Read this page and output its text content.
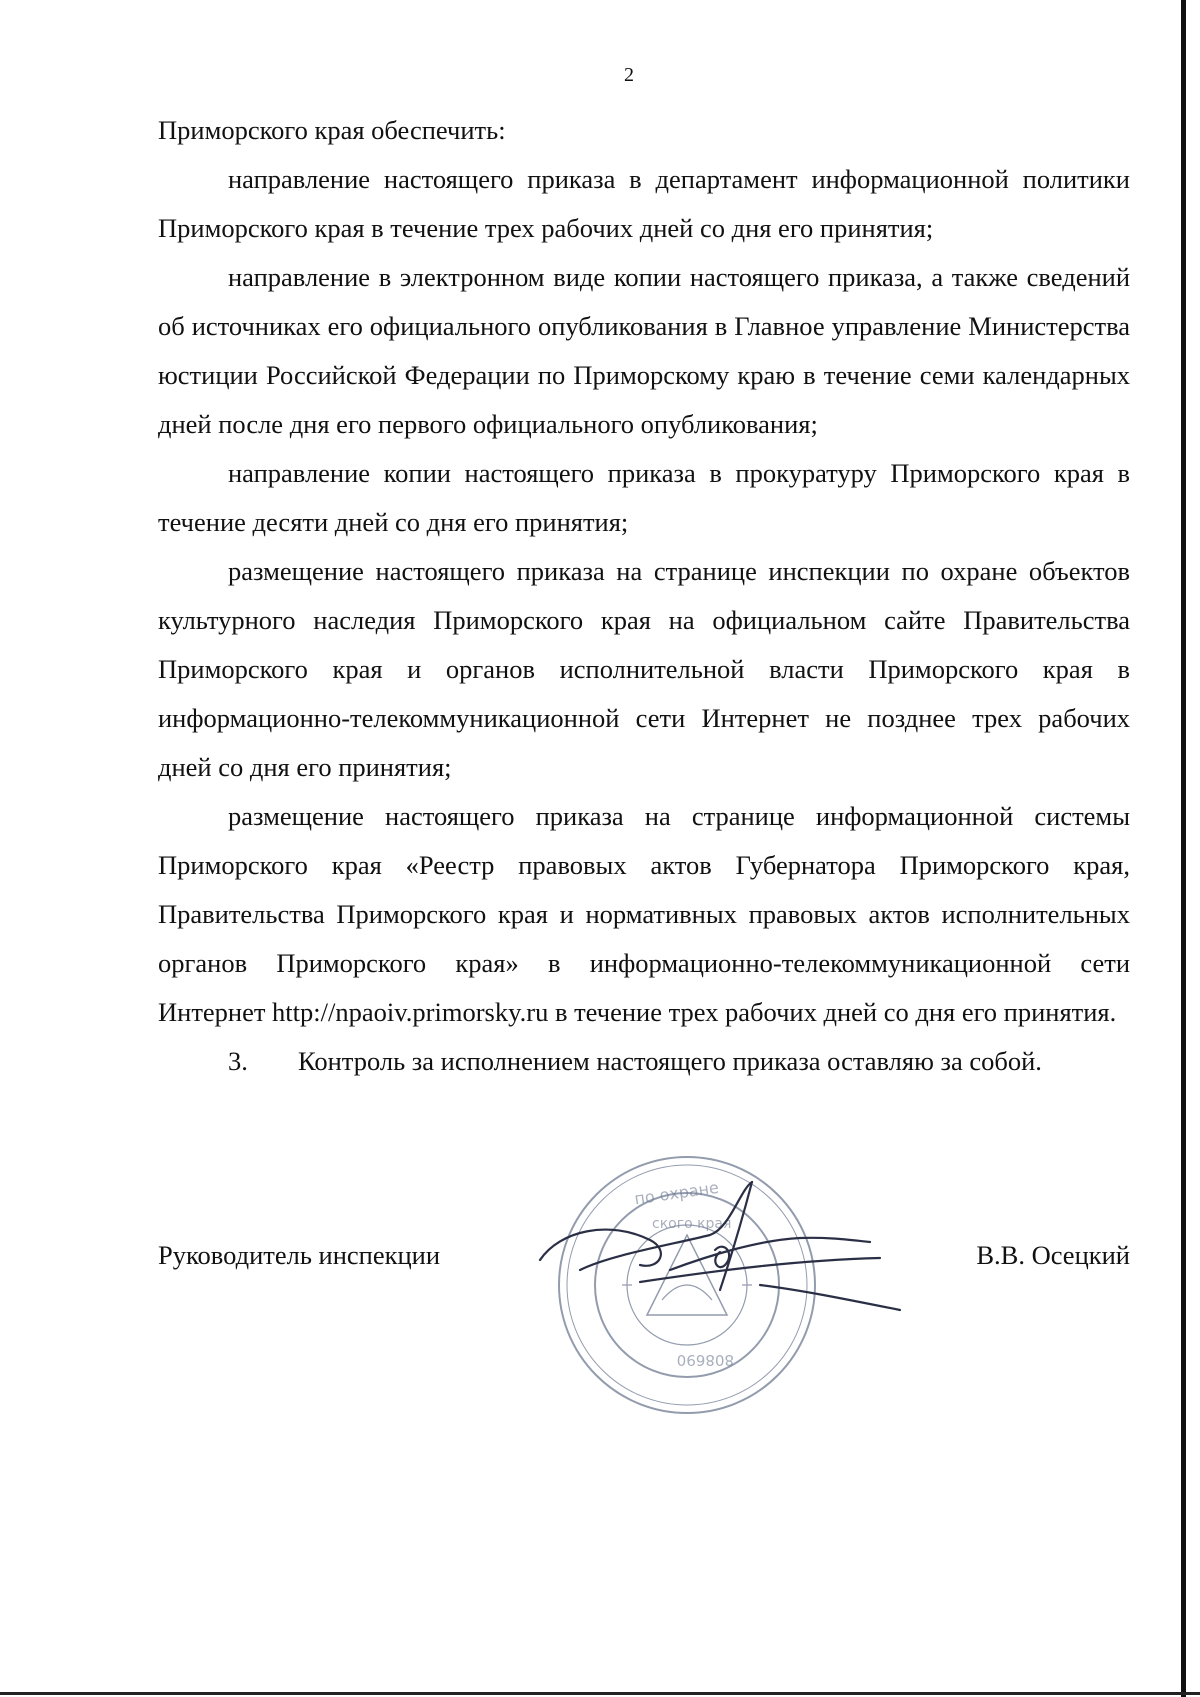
2

Приморского края обеспечить:

направление настоящего приказа в департамент информационной политики Приморского края в течение трех рабочих дней со дня его принятия;

направление в электронном виде копии настоящего приказа, а также сведений об источниках его официального опубликования в Главное управление Министерства юстиции Российской Федерации по Приморскому краю в течение семи календарных дней после дня его первого официального опубликования;

направление копии настоящего приказа в прокуратуру Приморского края в течение десяти дней со дня его принятия;

размещение настоящего приказа на странице инспекции по охране объектов культурного наследия Приморского края на официальном сайте Правительства Приморского края и органов исполнительной власти Приморского края в информационно-телекоммуникационной сети Интернет не позднее трех рабочих дней со дня его принятия;

размещение настоящего приказа на странице информационной системы Приморского края «Реестр правовых актов Губернатора Приморского края, Правительства Приморского края и нормативных правовых актов исполнительных органов Приморского края» в информационно-телекоммуникационной сети Интернет http://npaoiv.primorsky.ru в течение трех рабочих дней со дня его принятия.

3.	Контроль за исполнением настоящего приказа оставляю за собой.
по охране
ского края
808690
Руководитель инспекции	В.В. Осецкий
